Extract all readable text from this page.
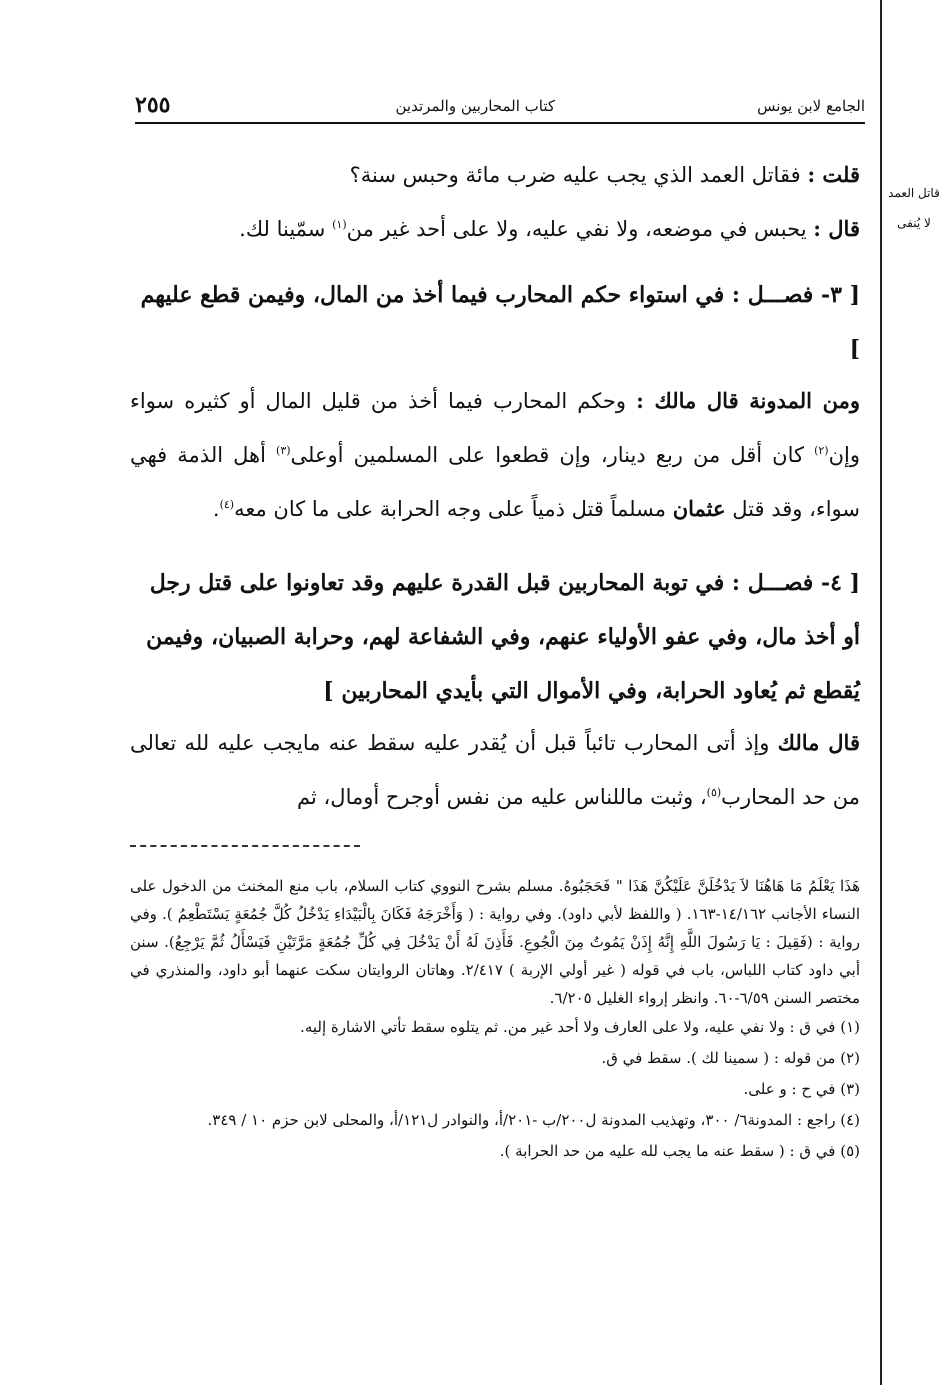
الجامع لابن يونس
كتاب المحاربين والمرتدين
٢٥٥
قاتل العمد
لا يُنفى
قلت : فقاتل العمد الذي يجب عليه ضرب مائة وحبس سنة؟
قال : يحبس في موضعه، ولا نفي عليه، ولا على أحد غير من$^{(١)}$ سمّينا لك.
[ ٣- فصـــل : في استواء حكم المحارب فيما أخذ من المال، وفيمن قطع عليهم ]
ومن المدونة قال مالك : وحكم المحارب فيما أخذ من قليل المال أو كثيره سواء وإن$^{(٢)}$ كان أقل من ربع دينار، وإن قطعوا على المسلمين أوعلى$^{(٣)}$ أهل الذمة فهي سواء، وقد قتل عثمان مسلماً قتل ذمياً على وجه الحرابة على ما كان معه$^{(٤)}$.
[ ٤- فصـــل : في توبة المحاربين قبل القدرة عليهم وقد تعاونوا على قتل رجل أو أخذ مال، وفي عفو الأولياء عنهم، وفي الشفاعة لهم، وحرابة الصبيان، وفيمن يُقطع ثم يُعاود الحرابة، وفي الأموال التي بأيدي المحاربين ]
قال مالك وإذ أتى المحارب تائباً قبل أن يُقدر عليه سقط عنه مايجب عليه لله تعالى من حد المحارب$^{(٥)}$، وثبت ماللناس عليه من نفس أوجرح أومال، ثم
هَذَا يَعْلَمُ مَا هَاهُنَا لاَ يَدْخُلَنَّ عَلَيْكُنَّ هَذَا " فَحَجَبُوهُ. مسلم بشرح النووي كتاب السلام، باب منع المخنث من الدخول على النساء الأجانب ١٤/١٦٢-١٦٣. ( واللفظ لأبي داود). وفي رواية : ( وَأَخْرَجَهُ فَكَانَ بِالْبَيْدَاءِ يَدْخُلُ كُلَّ جُمُعَةٍ يَسْتَطْعِمُ ). وفي رواية : (فَقِيلَ : يَا رَسُولَ اللَّهِ إِنَّهُ إِذَنْ يَمُوتُ مِنَ الْجُوعِ. فَأَذِنَ لَهُ أَنْ يَدْخُلَ فِي كُلِّ جُمُعَةٍ مَرَّتَيْنِ فَيَسْأَلُ ثُمَّ يَرْجِعُ). سنن أبي داود كتاب اللباس، باب في قوله ( غير أولي الإربة ) ٢/٤١٧. وهاتان الروايتان سكت عنهما أبو داود، والمنذري في مختصر السنن ٦/٥٩-٦٠. وانظر إرواء الغليل ٦/٢٠٥.
(١) في ق : ولا نفي عليه، ولا على العارف ولا أحد غير من. ثم يتلوه سقط تأتي الاشارة إليه.
(٢) من قوله : ( سمينا لك ). سقط في ق.
(٣) في ح : و على.
(٤) راجع : المدونة٦/ ٣٠٠، وتهذيب المدونة ل٢٠٠/ب -٢٠١/أ، والنوادر ل١٢١/أ، والمحلى لابن حزم ١٠ / ٣٤٩.
(٥) في ق : ( سقط عنه ما يجب لله عليه من حد الحرابة ).
